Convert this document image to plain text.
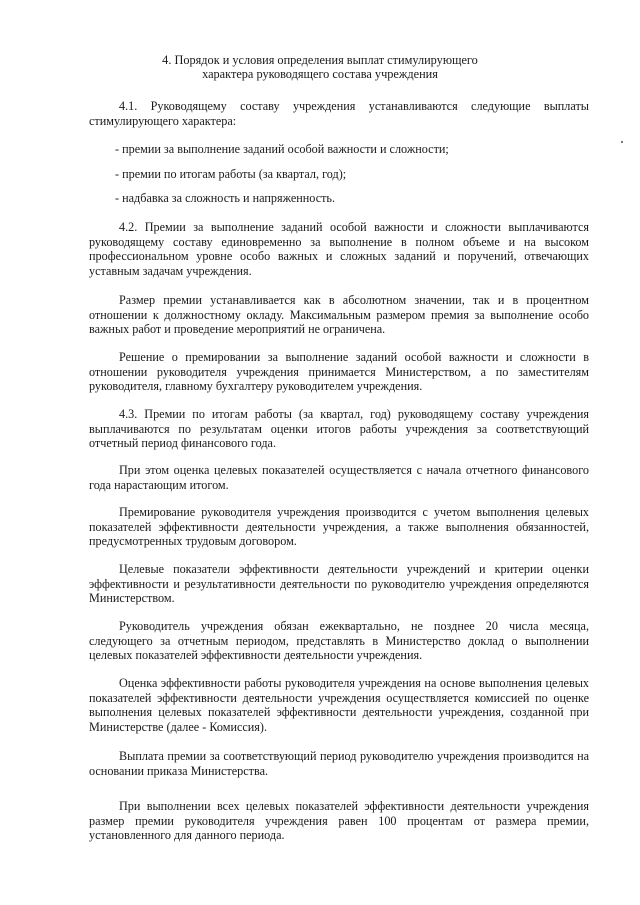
4. Порядок и условия определения выплат стимулирующего

характера руководящего состава учреждения

4.1. Руководящему составу учреждения устанавливаются следующие выплаты стимулирующего характера:

- премии за выполнение заданий особой важности и сложности;

- премии по итогам работы (за квартал, год);

- надбавка за сложность и напряженность.

4.2. Премии за выполнение заданий особой важности и сложности выплачиваются руководящему составу единовременно за выполнение в полном объеме и на высоком профессиональном уровне особо важных и сложных заданий и поручений, отвечающих уставным задачам учреждения.

Размер премии устанавливается как в абсолютном значении, так и в процентном отношении к должностному окладу. Максимальным размером премия за выполнение особо важных работ и проведение мероприятий не ограничена.

Решение о премировании за выполнение заданий особой важности и сложности в отношении руководителя учреждения принимается Министерством, а по заместителям руководителя, главному бухгалтеру руководителем учреждения.

4.3. Премии по итогам работы (за квартал, год) руководящему составу учреждения выплачиваются по результатам оценки итогов работы учреждения за соответствующий отчетный период финансового года.

При этом оценка целевых показателей осуществляется с начала отчетного финансового года нарастающим итогом.

Премирование руководителя учреждения производится с учетом выполнения целевых показателей эффективности деятельности учреждения, а также выполнения обязанностей, предусмотренных трудовым договором.

Целевые показатели эффективности деятельности учреждений и критерии оценки эффективности и результативности деятельности по руководителю учреждения определяются Министерством.

Руководитель учреждения обязан ежеквартально, не позднее 20 числа месяца, следующего за отчетным периодом, представлять в Министерство доклад о выполнении целевых показателей эффективности деятельности учреждения.

Оценка эффективности работы руководителя учреждения на основе выполнения целевых показателей эффективности деятельности учреждения осуществляется комиссией по оценке выполнения целевых показателей эффективности деятельности учреждения, созданной при Министерстве (далее - Комиссия).

Выплата премии за соответствующий период руководителю учреждения производится на основании приказа Министерства.

При выполнении всех целевых показателей эффективности деятельности учреждения размер премии руководителя учреждения равен 100 процентам от размера премии, установленного для данного периода.
